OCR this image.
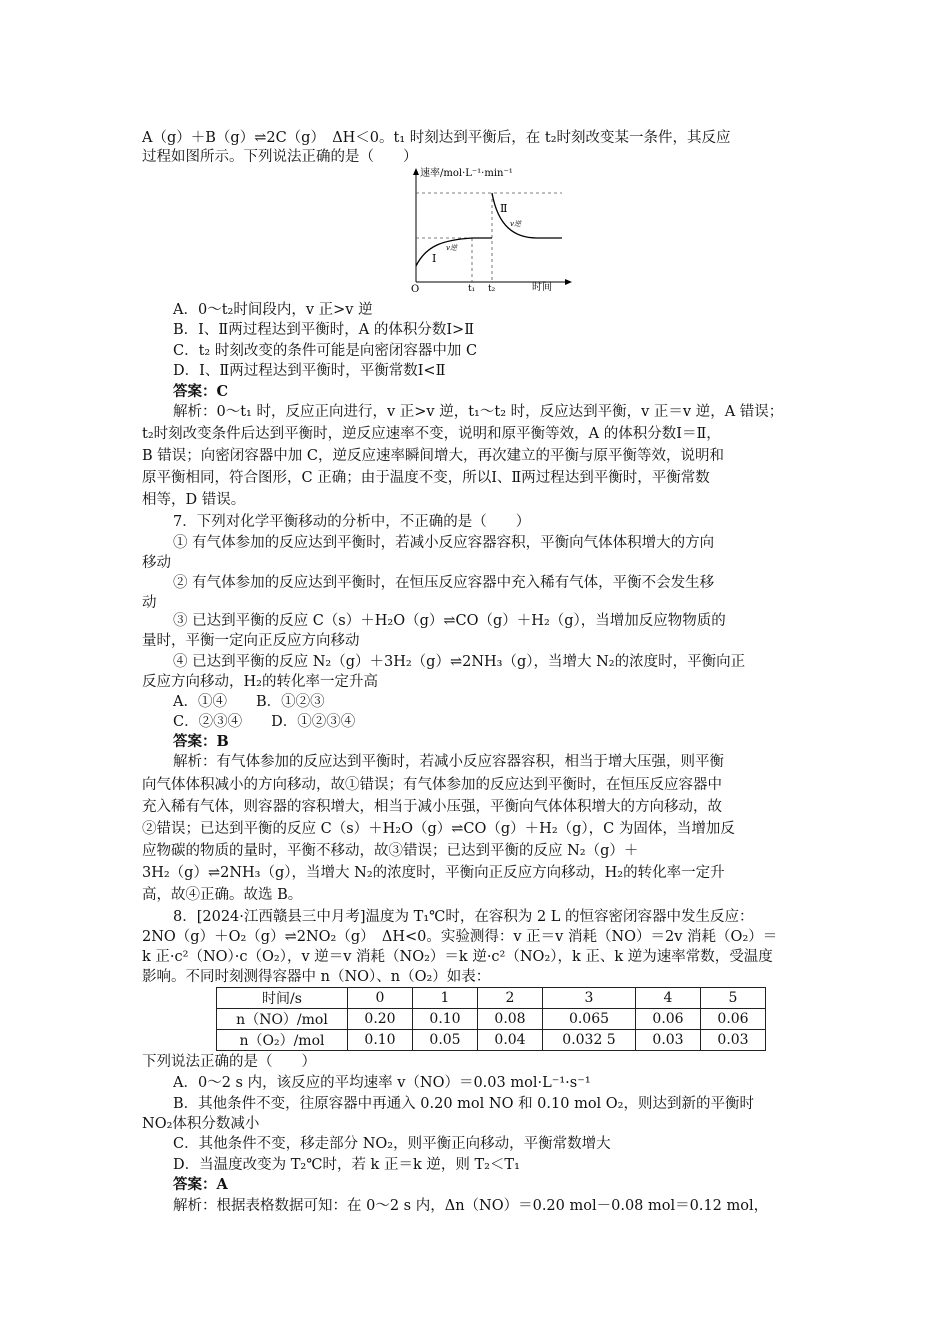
A（g）＋B（g）⇌2C（g）　ΔH＜0。t₁ 时刻达到平衡后，在 t₂时刻改变某一条件，其反应
过程如图所示。下列说法正确的是（　　）
速率/mol·L⁻¹·min⁻¹
时间
O	t₁ t₂
Ⅰ
Ⅱ
v逆
v逆
A．0～t₂时间段内，v 正>v 逆
B．Ⅰ、Ⅱ两过程达到平衡时，A 的体积分数Ⅰ>Ⅱ
C．t₂ 时刻改变的条件可能是向密闭容器中加 C
D．Ⅰ、Ⅱ两过程达到平衡时，平衡常数Ⅰ<Ⅱ
答案：C
解析：0～t₁ 时，反应正向进行，v 正>v 逆，t₁～t₂ 时，反应达到平衡，v 正＝v 逆，A 错误；
t₂时刻改变条件后达到平衡时，逆反应速率不变，说明和原平衡等效，A 的体积分数Ⅰ＝Ⅱ，
B 错误；向密闭容器中加 C，逆反应速率瞬间增大，再次建立的平衡与原平衡等效，说明和
原平衡相同，符合图形，C 正确；由于温度不变，所以Ⅰ、Ⅱ两过程达到平衡时，平衡常数
相等，D 错误。
7．下列对化学平衡移动的分析中，不正确的是（　　）
① 有气体参加的反应达到平衡时，若减小反应容器容积，平衡向气体体积增大的方向
移动
② 有气体参加的反应达到平衡时，在恒压反应容器中充入稀有气体，平衡不会发生移
动
③ 已达到平衡的反应 C（s）＋H₂O（g）⇌CO（g）＋H₂（g），当增加反应物物质的
量时，平衡一定向正反应方向移动
④ 已达到平衡的反应 N₂（g）＋3H₂（g）⇌2NH₃（g），当增大 N₂的浓度时，平衡向正
反应方向移动，H₂的转化率一定升高
A．①④　　B．①②③
C．②③④　　D．①②③④
答案：B
解析：有气体参加的反应达到平衡时，若减小反应容器容积，相当于增大压强，则平衡
向气体体积减小的方向移动，故①错误；有气体参加的反应达到平衡时，在恒压反应容器中
充入稀有气体，则容器的容积增大，相当于减小压强，平衡向气体体积增大的方向移动，故
②错误；已达到平衡的反应 C（s）＋H₂O（g）⇌CO（g）＋H₂（g），C 为固体，当增加反
应物碳的物质的量时，平衡不移动，故③错误；已达到平衡的反应 N₂（g）＋
3H₂（g）⇌2NH₃（g），当增大 N₂的浓度时，平衡向正反应方向移动，H₂的转化率一定升
高，故④正确。故选 B。
8．[2024·江西赣县三中月考]温度为 T₁℃时，在容积为 2 L 的恒容密闭容器中发生反应：
2NO（g）＋O₂（g）⇌2NO₂（g）　ΔH<0。实验测得：v 正＝v 消耗（NO）＝2v 消耗（O₂）＝
k 正·c²（NO）·c（O₂），v 逆＝v 消耗（NO₂）＝k 逆·c²（NO₂），k 正、k 逆为速率常数，受温度
影响。不同时刻测得容器中 n（NO）、n（O₂）如表：
时间/s	0	1	2	3	4	5
n（NO）/mol	0.20	0.10	0.08	0.065	0.06	0.06
n（O₂）/mol	0.10	0.05	0.04	0.032 5	0.03	0.03
下列说法正确的是（　　）
A．0～2 s 内，该反应的平均速率 v（NO）＝0.03 mol·L⁻¹·s⁻¹
B．其他条件不变，往原容器中再通入 0.20 mol NO 和 0.10 mol O₂，则达到新的平衡时
NO₂体积分数减小
C．其他条件不变，移走部分 NO₂，则平衡正向移动，平衡常数增大
D．当温度改变为 T₂℃时，若 k 正＝k 逆，则 T₂＜T₁
答案：A
解析：根据表格数据可知：在 0～2 s 内，Δn（NO）＝0.20 mol－0.08 mol＝0.12 mol，
